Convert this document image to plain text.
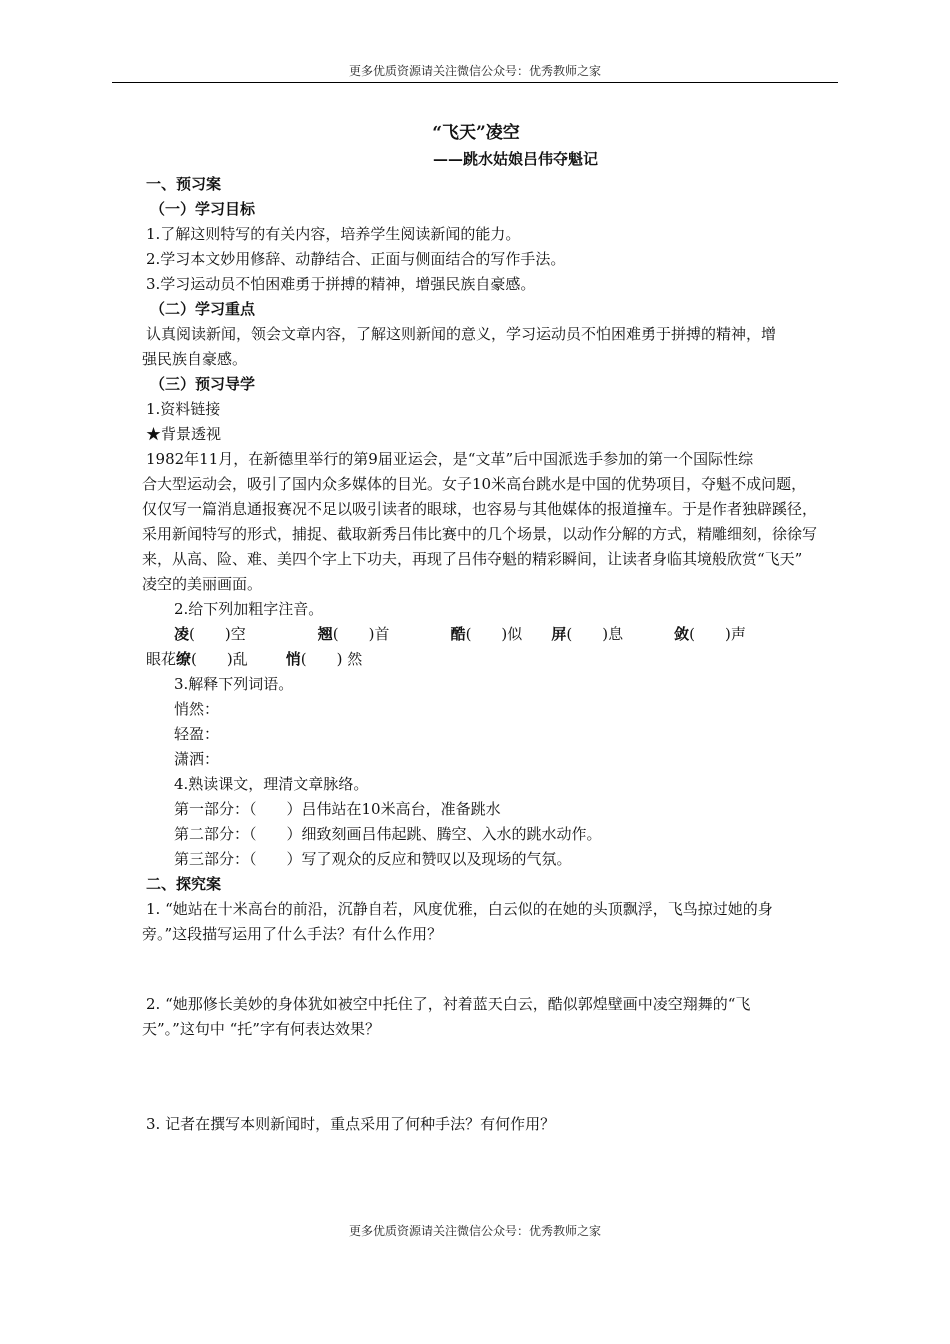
更多优质资源请关注微信公众号：优秀教师之家
“飞天”凌空
——跳水姑娘吕伟夺魁记
一、预习案
（一）学习目标
1.了解这则特写的有关内容，培养学生阅读新闻的能力。
2.学习本文妙用修辞、动静结合、正面与侧面结合的写作手法。
3.学习运动员不怕困难勇于拼搏的精神，增强民族自豪感。
（二）学习重点
认真阅读新闻，领会文章内容，了解这则新闻的意义，学习运动员不怕困难勇于拼搏的精神，增
强民族自豪感。
（三）预习导学
1.资料链接
★背景透视
1982年11月，在新德里举行的第9届亚运会，是“文革”后中国派选手参加的第一个国际性综
合大型运动会，吸引了国内众多媒体的目光。女子10米高台跳水是中国的优势项目，夺魁不成问题，
仅仅写一篇消息通报赛况不足以吸引读者的眼球，也容易与其他媒体的报道撞车。于是作者独辟蹊径，
采用新闻特写的形式，捕捉、截取新秀吕伟比赛中的几个场景，以动作分解的方式，精雕细刻，徐徐写
来，从高、险、难、美四个字上下功夫，再现了吕伟夺魁的精彩瞬间，让读者身临其境般欣赏“飞天”
凌空的美丽画面。
2.给下列加粗字注音。
凌(　　)空	翘(　　)首	酷(　　)似 屏(　　)息	敛(　　)声
眼花缭(　　)乱	悄(　　) 然
3.解释下列词语。
悄然：
轻盈：
潇洒：
4.熟读课文，理清文章脉络。
第一部分：（　　）吕伟站在10米高台，准备跳水
第二部分：（　　）细致刻画吕伟起跳、腾空、入水的跳水动作。
第三部分：（　　）写了观众的反应和赞叹以及现场的气氛。
二、探究案
1. “她站在十米高台的前沿，沉静自若，风度优雅，白云似的在她的头顶飘浮，飞鸟掠过她的身
旁。”这段描写运用了什么手法？有什么作用？
2. “她那修长美妙的身体犹如被空中托住了，衬着蓝天白云，酷似郭煌壁画中凌空翔舞的“飞
天”。”这句中 “托”字有何表达效果？
3. 记者在撰写本则新闻时，重点采用了何种手法？有何作用？
更多优质资源请关注微信公众号：优秀教师之家
